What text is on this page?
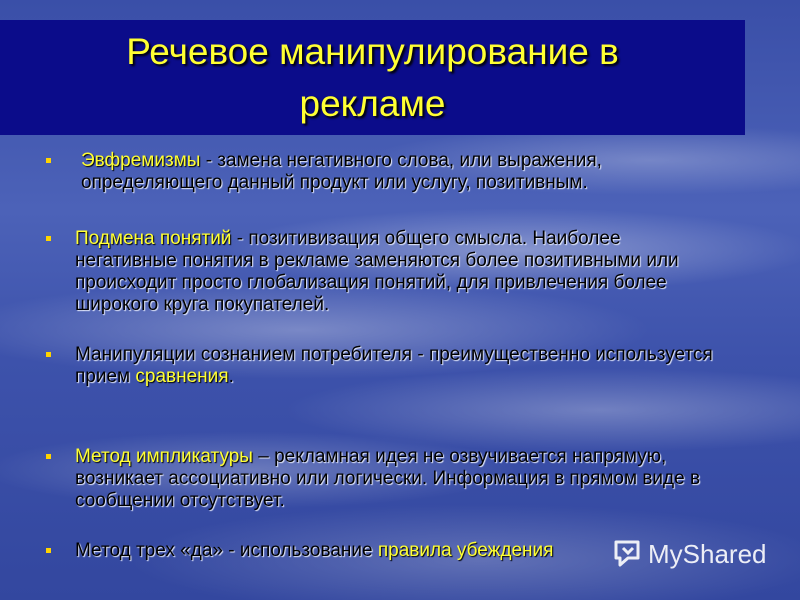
Речевое манипулирование в
рекламе
Эвфремизмы - замена негативного слова, или выражения, определяющего данный продукт или услугу, позитивным.
Подмена понятий - позитивизация общего смысла. Наиболее негативные понятия в рекламе заменяются более позитивными или происходит просто глобализация понятий, для привлечения более широкого круга покупателей.
Манипуляции сознанием потребителя - преимущественно используется прием сравнения.
Метод импликатуры – рекламная идея не озвучивается напрямую, возникает ассоциативно или логически. Информация в прямом виде в сообщении отсутствует.
Метод трех «да» - использование правила убеждения	MyShared
